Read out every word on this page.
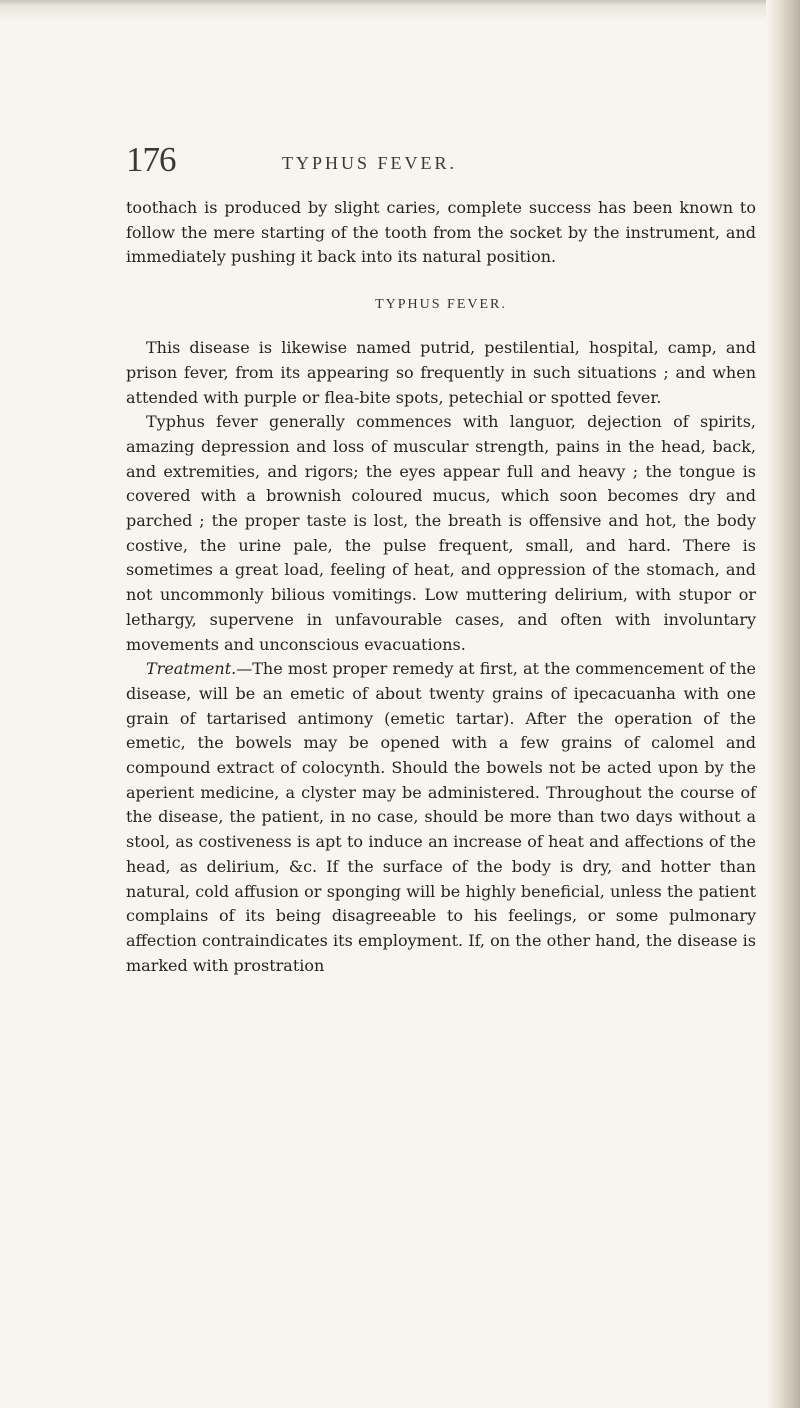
176	TYPHUS FEVER.

toothach is produced by slight caries, complete success has been known to follow the mere starting of the tooth from the socket by the instrument, and immediately pushing it back into its natural position.

TYPHUS FEVER.

This disease is likewise named putrid, pestilential, hospital, camp, and prison fever, from its appearing so frequently in such situations ; and when attended with purple or flea-bite spots, petechial or spotted fever.

Typhus fever generally commences with languor, dejection of spirits, amazing depression and loss of muscular strength, pains in the head, back, and extremities, and rigors; the eyes appear full and heavy ; the tongue is covered with a brownish coloured mucus, which soon becomes dry and parched ; the proper taste is lost, the breath is offensive and hot, the body costive, the urine pale, the pulse frequent, small, and hard. There is sometimes a great load, feeling of heat, and oppression of the stomach, and not uncommonly bilious vomitings. Low muttering delirium, with stupor or lethargy, supervene in unfavourable cases, and often with involuntary movements and unconscious evacuations.

Treatment.—The most proper remedy at first, at the commencement of the disease, will be an emetic of about twenty grains of ipecacuanha with one grain of tartarised antimony (emetic tartar). After the operation of the emetic, the bowels may be opened with a few grains of calomel and compound extract of colocynth. Should the bowels not be acted upon by the aperient medicine, a clyster may be administered. Throughout the course of the disease, the patient, in no case, should be more than two days without a stool, as costiveness is apt to induce an increase of heat and affections of the head, as delirium, &c. If the surface of the body is dry, and hotter than natural, cold affusion or sponging will be highly beneficial, unless the patient complains of its being disagreeable to his feelings, or some pulmonary affection contraindicates its employment. If, on the other hand, the disease is marked with prostration
